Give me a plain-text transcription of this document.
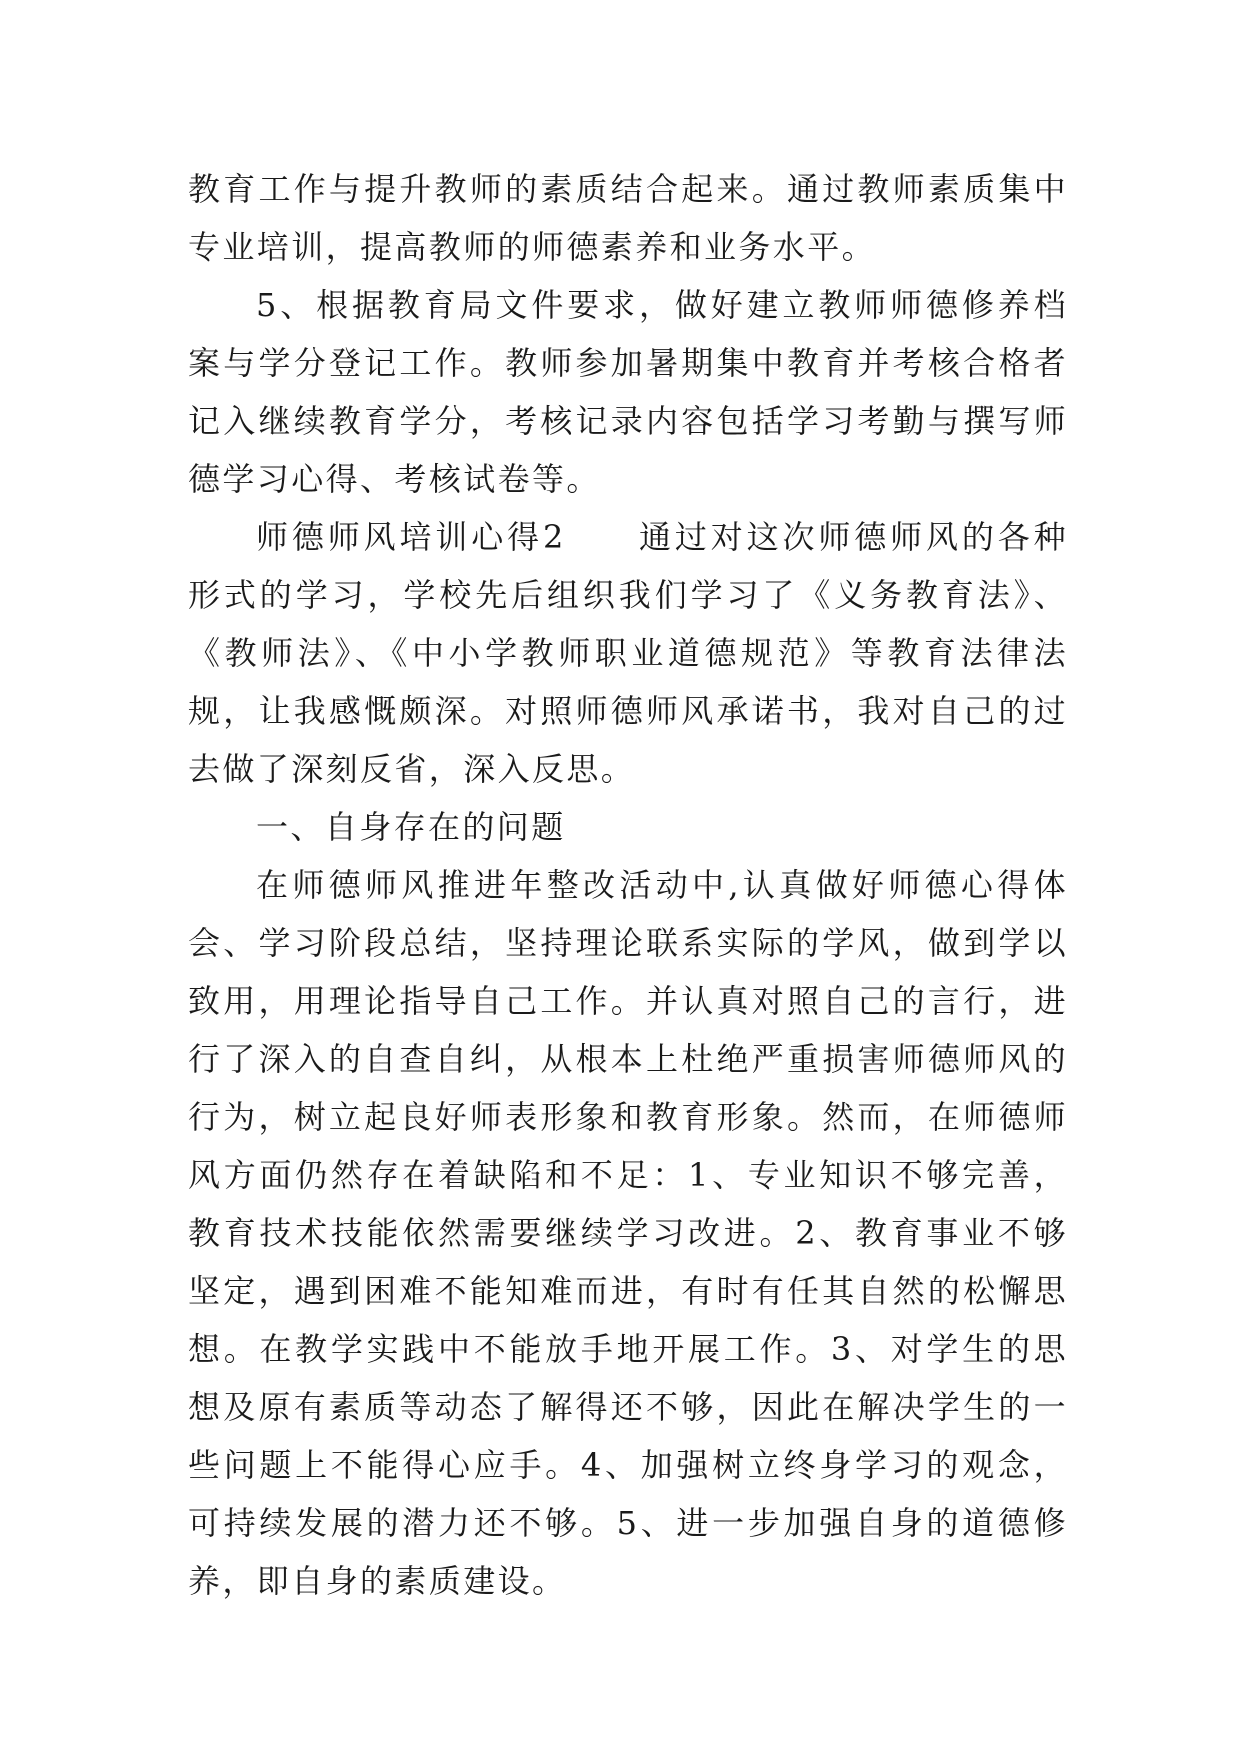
教育工作与提升教师的素质结合起来。通过教师素质集中专业培训，提高教师的师德素养和业务水平。

5、根据教育局文件要求，做好建立教师师德修养档案与学分登记工作。教师参加暑期集中教育并考核合格者记入继续教育学分，考核记录内容包括学习考勤与撰写师德学习心得、考核试卷等。

师德师风培训心得2　　通过对这次师德师风的各种形式的学习，学校先后组织我们学习了《义务教育法》、《教师法》、《中小学教师职业道德规范》等教育法律法规，让我感慨颇深。对照师德师风承诺书，我对自己的过去做了深刻反省，深入反思。

一、自身存在的问题

在师德师风推进年整改活动中,认真做好师德心得体会、学习阶段总结，坚持理论联系实际的学风，做到学以致用，用理论指导自己工作。并认真对照自己的言行，进行了深入的自查自纠，从根本上杜绝严重损害师德师风的行为，树立起良好师表形象和教育形象。然而，在师德师风方面仍然存在着缺陷和不足：1、专业知识不够完善，教育技术技能依然需要继续学习改进。2、教育事业不够坚定，遇到困难不能知难而进，有时有任其自然的松懈思想。在教学实践中不能放手地开展工作。3、对学生的思想及原有素质等动态了解得还不够，因此在解决学生的一些问题上不能得心应手。4、加强树立终身学习的观念，可持续发展的潜力还不够。5、进一步加强自身的道德修养，即自身的素质建设。
